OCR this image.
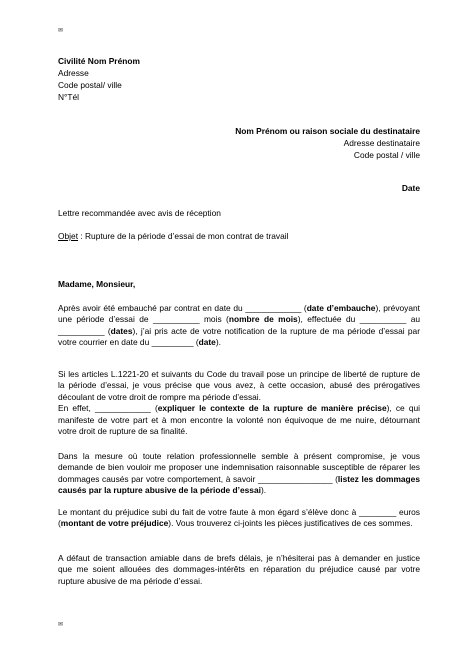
✉
Civilité Nom Prénom
Adresse
Code postal/ ville
N°Tél
Nom Prénom ou raison sociale du destinataire
Adresse destinataire
Code postal / ville
Date
Lettre recommandée avec avis de réception
Objet : Rupture de la période d’essai de mon contrat de travail
Madame, Monsieur,
Après avoir été embauché par contrat en date du ____________ (date d’embauche), prévoyant une période d’essai de __________ mois (nombre de mois), effectuée du __________ au __________ (dates), j’ai pris acte de votre notification de la rupture de ma période d’essai par votre courrier en date du _________ (date).
Si les articles L.1221-20 et suivants du Code du travail pose un principe de liberté de rupture de la période d’essai, je vous précise que vous avez, à cette occasion, abusé des prérogatives découlant de votre droit de rompre ma période d’essai.
En effet, ____________ (expliquer le contexte de la rupture de manière précise), ce qui manifeste de votre part et à mon encontre la volonté non équivoque de me nuire, détournant votre droit de rupture de sa finalité.
Dans la mesure où toute relation professionnelle semble à présent compromise, je vous demande de bien vouloir me proposer une indemnisation raisonnable susceptible de réparer les dommages causés par votre comportement, à savoir ________________ (listez les dommages causés par la rupture abusive de la période d’essai).
Le montant du préjudice subi du fait de votre faute à mon égard s’élève donc à ________ euros (montant de votre préjudice). Vous trouverez ci-joints les pièces justificatives de ces sommes.
A défaut de transaction amiable dans de brefs délais, je n’hésiterai pas à demander en justice que me soient allouées des dommages-intérêts en réparation du préjudice causé par votre rupture abusive de ma période d’essai.
✉
